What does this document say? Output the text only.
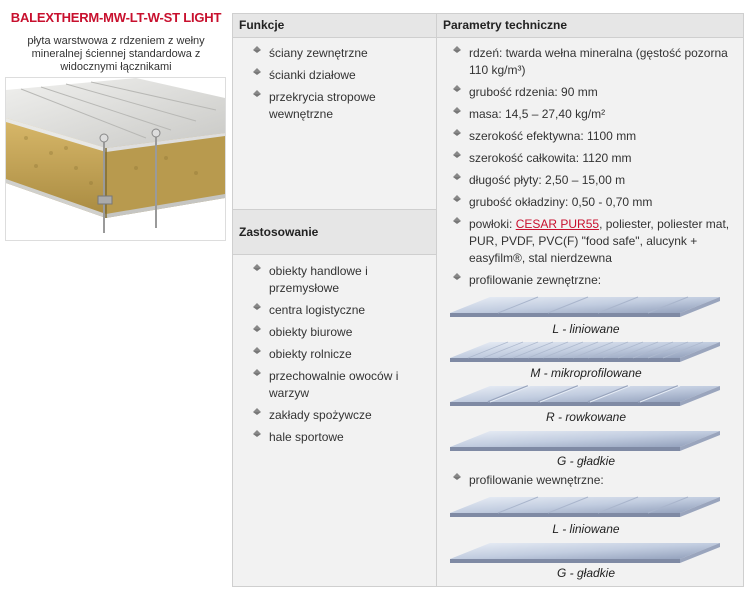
BALEXTHERM-MW-LT-W-ST LIGHT
płyta warstwowa z rdzeniem z wełny mineralnej ściennej standardowa z widocznymi łącznikami
Funkcje	Parametry techniczne
ściany zewnętrzne
ścianki działowe
przekrycia stropowe wewnętrzne
Zastosowanie
obiekty handlowe i przemysłowe
centra logistyczne
obiekty biurowe
obiekty rolnicze
przechowalnie owoców i warzyw
zakłady spożywcze
hale sportowe
rdzeń: twarda wełna mineralna (gęstość pozorna 110 kg/m³)
grubość rdzenia: 90 mm
masa: 14,5 – 27,40 kg/m²
szerokość efektywna: 1100 mm
szerokość całkowita: 1120 mm
długość płyty: 2,50 – 15,00 m
grubość okładziny: 0,50 - 0,70 mm
powłoki: CESAR PUR55, poliester, poliester mat, PUR, PVDF, PVC(F) "food safe", alucynk + easyfilm®, stal nierdzewna
profilowanie zewnętrzne:
L - liniowane
M - mikroprofilowane
R - rowkowane
G - gładkie
profilowanie wewnętrzne:
L - liniowane
G - gładkie
